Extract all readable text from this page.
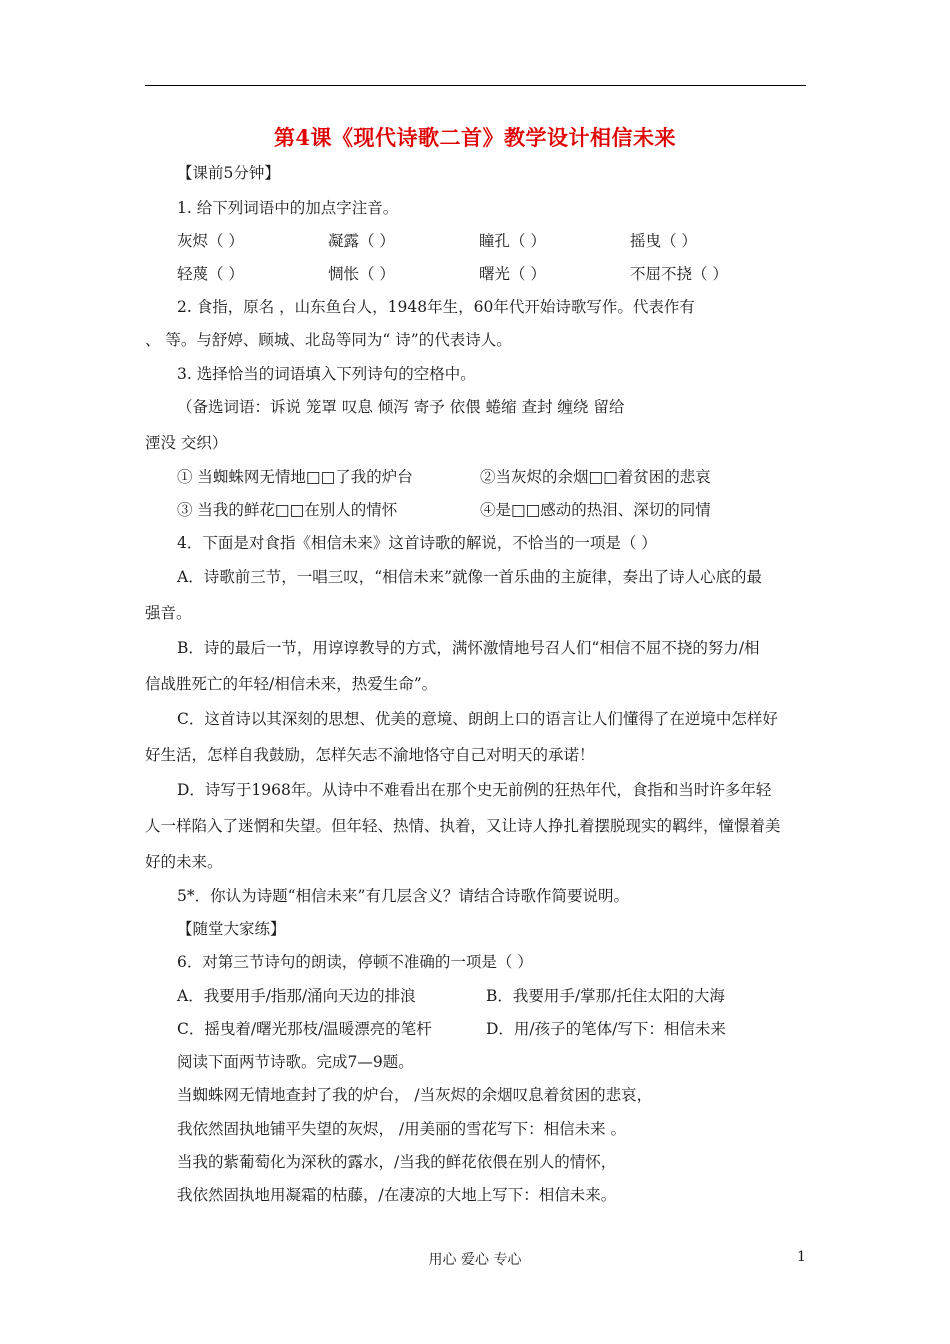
第4课《现代诗歌二首》教学设计相信未来
【课前5分钟】
1. 给下列词语中的加点字注音。
灰烬（ ）	凝露（ ）	瞳孔（ ）	摇曳（ ）
轻蔑（ ）	惆怅（ ）	曙光（ ）	不屈不挠（ ）
2. 食指，原名 ，山东鱼台人，1948年生，60年代开始诗歌写作。代表作有
、 等。与舒婷、顾城、北岛等同为“ 诗”的代表诗人。
3. 选择恰当的词语填入下列诗句的空格中。
（备选词语：诉说 笼罩 叹息 倾泻 寄予 依偎 蜷缩 查封 缠绕 留给
湮没 交织）
① 当蜘蛛网无情地□□了我的炉台	②当灰烬的余烟□□着贫困的悲哀
③ 当我的鲜花□□在别人的情怀	④是□□感动的热泪、深切的同情
4．下面是对食指《相信未来》这首诗歌的解说，不恰当的一项是（ ）
A．诗歌前三节，一唱三叹，“相信未来”就像一首乐曲的主旋律，奏出了诗人心底的最
强音。
B．诗的最后一节，用谆谆教导的方式，满怀激情地号召人们“相信不屈不挠的努力/相
信战胜死亡的年轻/相信未来，热爱生命”。
C．这首诗以其深刻的思想、优美的意境、朗朗上口的语言让人们懂得了在逆境中怎样好
好生活，怎样自我鼓励，怎样矢志不渝地恪守自己对明天的承诺！
D．诗写于1968年。从诗中不难看出在那个史无前例的狂热年代，食指和当时许多年轻
人一样陷入了迷惘和失望。但年轻、热情、执着，又让诗人挣扎着摆脱现实的羁绊，憧憬着美
好的未来。
5*．你认为诗题“相信未来”有几层含义？请结合诗歌作简要说明。
【随堂大家练】
6．对第三节诗句的朗读，停顿不准确的一项是（ ）
A．我要用手/指那/涌向天边的排浪	B．我要用手/掌那/托住太阳的大海
C．摇曳着/曙光那枝/温暖漂亮的笔杆	D．用/孩子的笔体/写下：相信未来
阅读下面两节诗歌。完成7—9题。
当蜘蛛网无情地查封了我的炉台， /当灰烬的余烟叹息着贫困的悲哀，
我依然固执地铺平失望的灰烬， /用美丽的雪花写下：相信未来 。
当我的紫葡萄化为深秋的露水，/当我的鲜花依偎在别人的情怀，
我依然固执地用凝霜的枯藤，/在凄凉的大地上写下：相信未来。
用心 爱心 专心	1
